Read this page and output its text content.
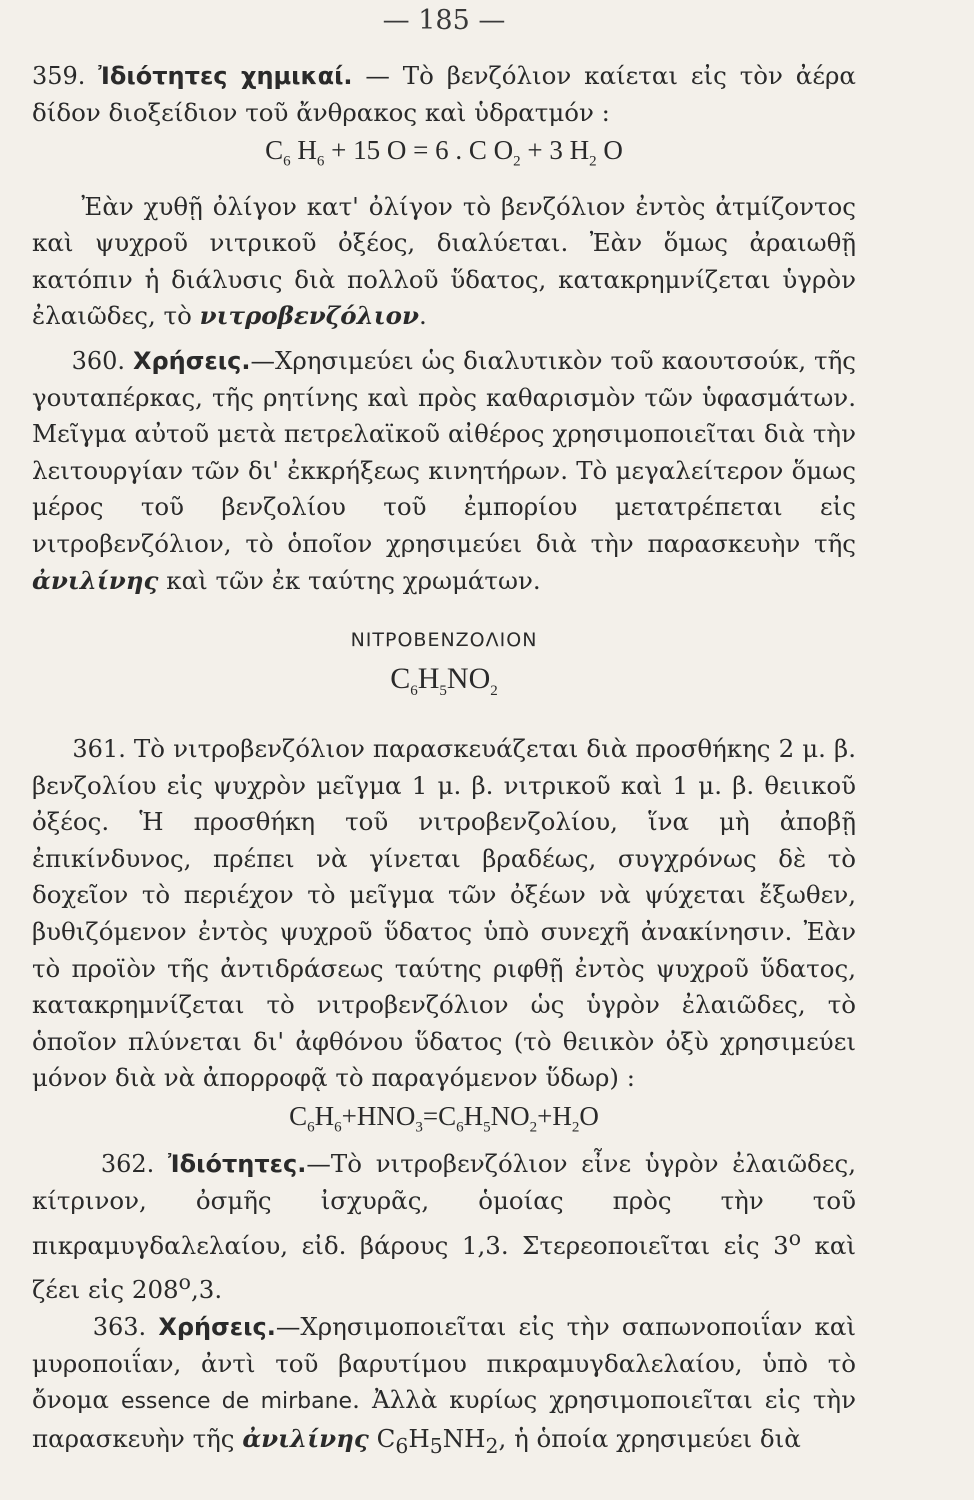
— 185 —

359. Ἰδιότητες χημικαί. — Τὸ βενζόλιον καίεται εἰς τὸν ἀέρα δίδον διοξείδιον τοῦ ἄνθρακος καὶ ὑδρατμόν :

$C_6$ $H_6 + 15$ O = 6 . C $O_2 + 3$ $H_2$ O

Ἐὰν χυθῇ ὀλίγον κατ' ὀλίγον τὸ βενζόλιον ἐντὸς ἀτμίζοντος καὶ ψυχροῦ νιτρικοῦ ὀξέος, διαλύεται. Ἐὰν ὅμως ἀραιωθῇ κατόπιν ἡ διάλυσις διὰ πολλοῦ ὕδατος, κατακρημνίζεται ὑγρὸν ἐλαιῶδες, τὸ νιτροβενζόλιον.

360. Χρήσεις.—Χρησιμεύει ὡς διαλυτικὸν τοῦ καουτσούκ, τῆς γουταπέρκας, τῆς ρητίνης καὶ πρὸς καθαρισμὸν τῶν ὑφασμάτων. Μεῖγμα αὐτοῦ μετὰ πετρελαϊκοῦ αἰθέρος χρησιμοποιεῖται διὰ τὴν λειτουργίαν τῶν δι' ἐκκρήξεως κινητήρων. Τὸ μεγαλείτερον ὅμως μέρος τοῦ βενζολίου τοῦ ἐμπορίου μετατρέπεται εἰς νιτροβενζόλιον, τὸ ὁποῖον χρησιμεύει διὰ τὴν παρασκευὴν τῆς ἀνιλίνης καὶ τῶν ἐκ ταύτης χρωμάτων.

ΝΙΤΡΟΒΕΝΖΟΛΙΟΝ

$C_6H_5NO_2$

361. Τὸ νιτροβενζόλιον παρασκευάζεται διὰ προσθήκης 2 μ. β. βενζολίου εἰς ψυχρὸν μεῖγμα 1 μ. β. νιτρικοῦ καὶ 1 μ. β. θειικοῦ ὀξέος. Ἡ προσθήκη τοῦ νιτροβενζολίου, ἵνα μὴ ἀποβῇ ἐπικίνδυνος, πρέπει νὰ γίνεται βραδέως, συγχρόνως δὲ τὸ δοχεῖον τὸ περιέχον τὸ μεῖγμα τῶν ὀξέων νὰ ψύχεται ἔξωθεν, βυθιζόμενον ἐντὸς ψυχροῦ ὕδατος ὑπὸ συνεχῆ ἀνακίνησιν. Ἐὰν τὸ προϊὸν τῆς ἀντιδράσεως ταύτης ριφθῇ ἐντὸς ψυχροῦ ὕδατος, κατακρημνίζεται τὸ νιτροβενζόλιον ὡς ὑγρὸν ἐλαιῶδες, τὸ ὁποῖον πλύνεται δι' ἀφθόνου ὕδατος (τὸ θειικὸν ὀξὺ χρησιμεύει μόνον διὰ νὰ ἀπορροφᾷ τὸ παραγόμενον ὕδωρ) :

$C_6H_6+HNO_3=C_6H_5NO_2+H_2O$

362. Ἰδιότητες.—Τὸ νιτροβενζόλιον εἶνε ὑγρὸν ἐλαιῶδες, κίτρινον, ὀσμῆς ἰσχυρᾶς, ὁμοίας πρὸς τὴν τοῦ πικραμυγδαλελαίου, εἰδ. βάρους 1,3. Στερεοποιεῖται εἰς 3$^o$ καὶ ζέει εἰς 208$^o$,3.

363. Χρήσεις.—Χρησιμοποιεῖται εἰς τὴν σαπωνοποιΐαν καὶ μυροποιΐαν, ἀντὶ τοῦ βαρυτίμου πικραμυγδαλελαίου, ὑπὸ τὸ ὄνομα essence de mirbane. Ἀλλὰ κυρίως χρησιμοποιεῖται εἰς τὴν παρασκευὴν τῆς ἀνιλίνης $C_6H_5NH_2$, ἡ ὁποία χρησιμεύει διὰ
